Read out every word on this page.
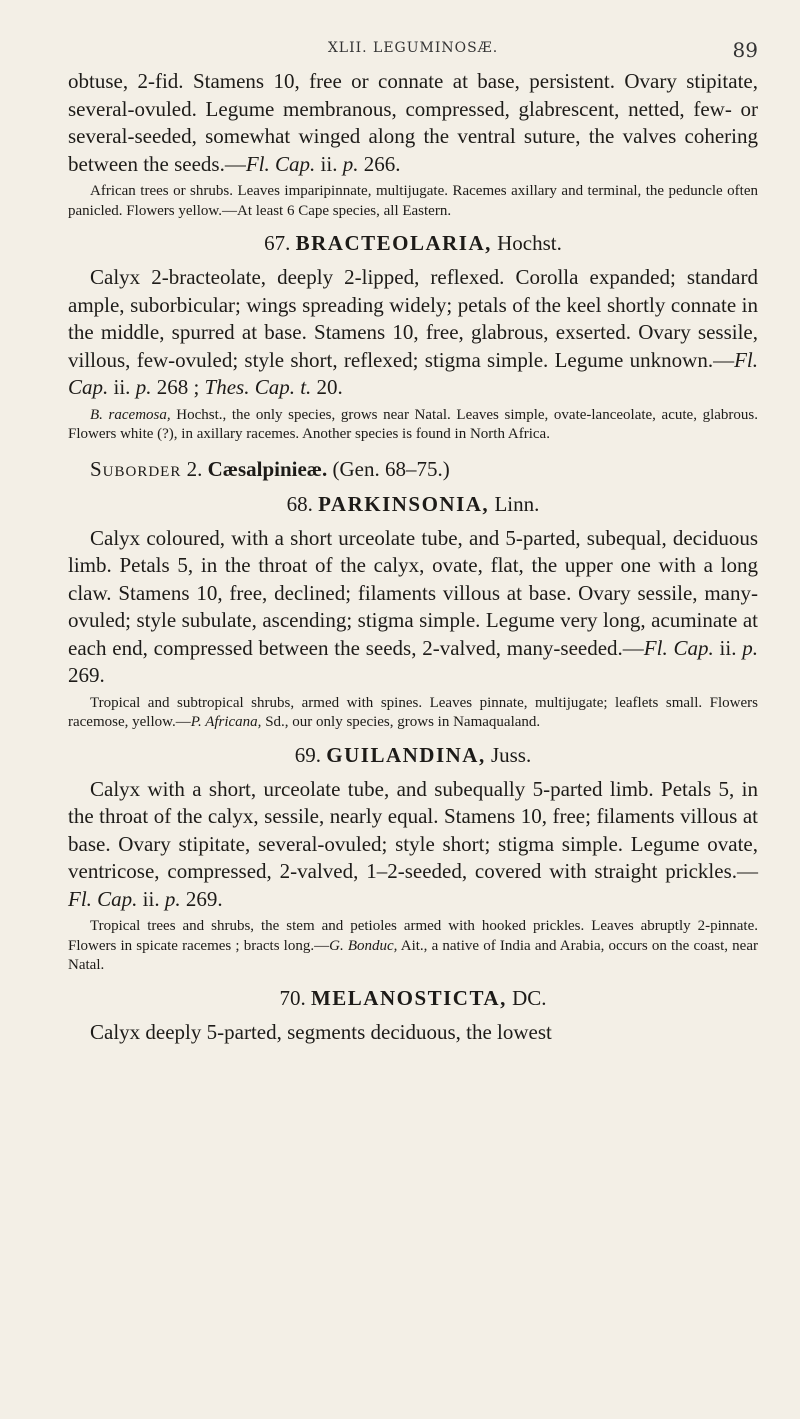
XLII. LEGUMINOSÆ.	89

obtuse, 2-fid. Stamens 10, free or connate at base, persistent. Ovary stipitate, several-ovuled. Legume membranous, compressed, glabrescent, netted, few- or several-seeded, somewhat winged along the ventral suture, the valves cohering between the seeds.—Fl. Cap. ii. p. 266.

African trees or shrubs. Leaves imparipinnate, multijugate. Racemes axillary and terminal, the peduncle often panicled. Flowers yellow.—At least 6 Cape species, all Eastern.

67. BRACTEOLARIA, Hochst.

Calyx 2-bracteolate, deeply 2-lipped, reflexed. Corolla expanded; standard ample, suborbicular; wings spreading widely; petals of the keel shortly connate in the middle, spurred at base. Stamens 10, free, glabrous, exserted. Ovary sessile, villous, few-ovuled; style short, reflexed; stigma simple. Legume unknown.—Fl. Cap. ii. p. 268 ; Thes. Cap. t. 20.

B. racemosa, Hochst., the only species, grows near Natal. Leaves simple, ovate-lanceolate, acute, glabrous. Flowers white (?), in axillary racemes. Another species is found in North Africa.

Suborder 2. Cæsalpinieæ. (Gen. 68–75.)
68. PARKINSONIA, Linn.

Calyx coloured, with a short urceolate tube, and 5-parted, subequal, deciduous limb. Petals 5, in the throat of the calyx, ovate, flat, the upper one with a long claw. Stamens 10, free, declined; filaments villous at base. Ovary sessile, many-ovuled; style subulate, ascending; stigma simple. Legume very long, acuminate at each end, compressed between the seeds, 2-valved, many-seeded.—Fl. Cap. ii. p. 269.

Tropical and subtropical shrubs, armed with spines. Leaves pinnate, multijugate; leaflets small. Flowers racemose, yellow.—P. Africana, Sd., our only species, grows in Namaqualand.

69. GUILANDINA, Juss.

Calyx with a short, urceolate tube, and subequally 5-parted limb. Petals 5, in the throat of the calyx, sessile, nearly equal. Stamens 10, free; filaments villous at base. Ovary stipitate, several-ovuled; style short; stigma simple. Legume ovate, ventricose, compressed, 2-valved, 1–2-seeded, covered with straight prickles.—Fl. Cap. ii. p. 269.

Tropical trees and shrubs, the stem and petioles armed with hooked prickles. Leaves abruptly 2-pinnate. Flowers in spicate racemes ; bracts long.—G. Bonduc, Ait., a native of India and Arabia, occurs on the coast, near Natal.

70. MELANOSTICTA, DC.

Calyx deeply 5-parted, segments deciduous, the lowest
